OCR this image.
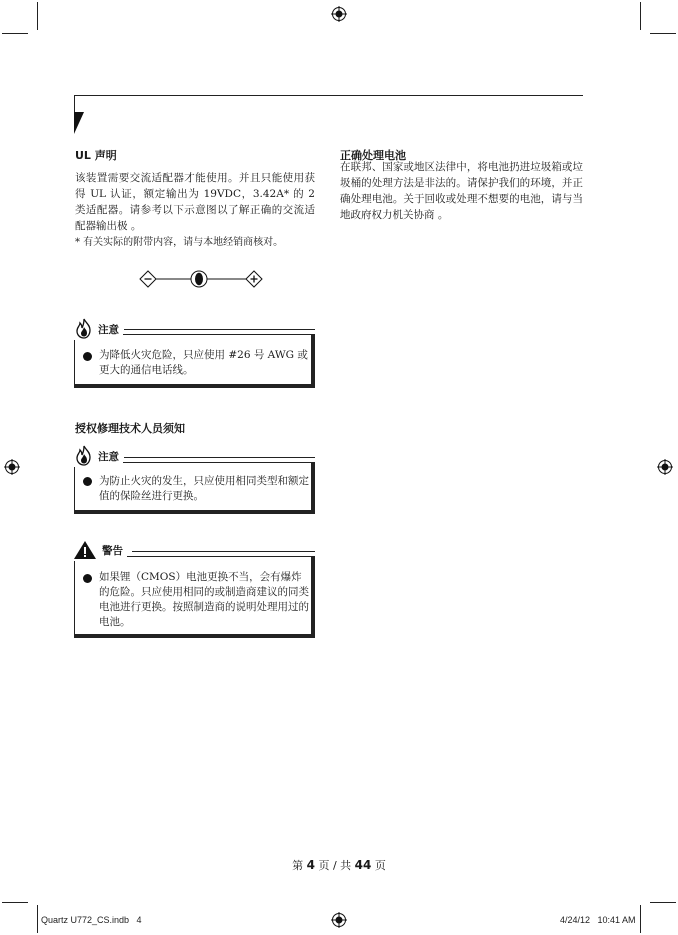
UL 声明
该装置需要交流适配器才能使用。并且只能使用获得 UL 认证，额定输出为 19VDC，3.42A* 的 2 类适配器。请参考以下示意图以了解正确的交流适配器输出极 。
* 有关实际的附带内容，请与本地经销商核对。
为降低火灾危险，只应使用 #26 号 AWG 或更大的通信电话线。
注意
授权修理技术人员须知
为防止火灾的发生，只应使用相同类型和额定值的保险丝进行更换。
注意
如果锂（CMOS）电池更换不当，会有爆炸的危险。只应使用相同的或制造商建议的同类电池进行更换。按照制造商的说明处理用过的电池。
警告
正确处理电池
在联邦、国家或地区法律中，将电池扔进垃圾箱或垃圾桶的处理方法是非法的。请保护我们的环境，并正确处理电池。关于回收或处理不想要的电池，请与当地政府权力机关协商 。
第 4 页 / 共 44 页
Quartz U772_CS.indb   4	4/24/12   10:41 AM
